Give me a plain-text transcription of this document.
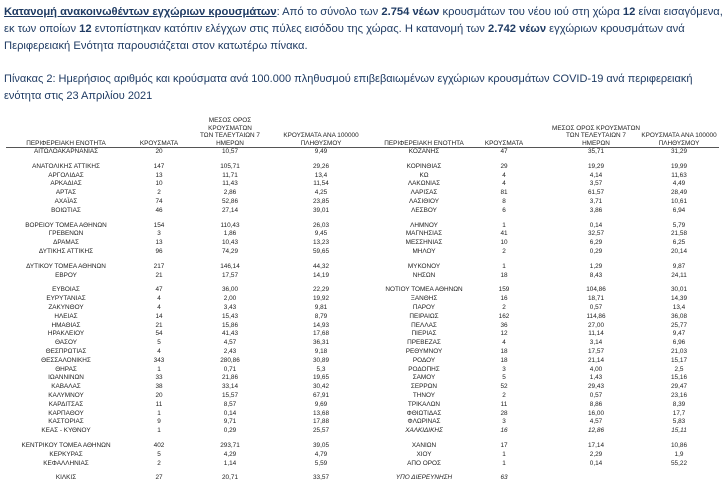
Κατανομή ανακοινωθέντων εγχώριων κρουσμάτων: Από το σύνολο των 2.754 νέων κρουσμάτων του νέου ιού στη χώρα 12 είναι εισαγόμενα,
εκ των οποίων 12 εντοπίστηκαν κατόπιν ελέγχων στις πύλες εισόδου της χώρας. Η κατανομή των 2.742 νέων εγχώριων κρουσμάτων ανά
Περιφερειακή Ενότητα παρουσιάζεται στον κατωτέρω πίνακα.
Πίνακας 2: Ημερήσιος αριθμός και κρούσματα ανά 100.000 πληθυσμού επιβεβαιωμένων εγχώριων κρουσμάτων COVID-19 ανά περιφερειακή
ενότητα στις 23 Απριλίου 2021
ΠΕΡΙΦΕΡΕΙΑΚΗ ΕΝΟΤΗΤΑ	ΚΡΟΥΣΜΑΤΑ
ΜΕΣΟΣ ΟΡΟΣ ΚΡΟΥΣΜΑΤΩΝ
ΤΩΝ ΤΕΛΕΥΤΑΙΩΝ 7
ΗΜΕΡΩΝ
ΚΡΟΥΣΜΑΤΑ ΑΝΑ 100000
ΠΛΗΘΥΣΜΟΥ
ΑΙΤΩΛΟΑΚΑΡΝΑΝΙΑΣ	20	10,57	9,49
ΑΝΑΤΟΛΙΚΗΣ ΑΤΤΙΚΗΣ	147	105,71	29,26
ΑΡΓΟΛΙΔΑΣ	13	11,71	13,4
ΑΡΚΑΔΙΑΣ	10	11,43	11,54
ΑΡΤΑΣ	2	2,86	4,25
ΑΧΑΪΑΣ	74	52,86	23,85
ΒΟΙΩΤΙΑΣ	46	27,14	39,01
ΒΟΡΕΙΟΥ ΤΟΜΕΑ ΑΘΗΝΩΝ	154	110,43	26,03
ΓΡΕΒΕΝΩΝ	3	1,86	9,45
ΔΡΑΜΑΣ	13	10,43	13,23
ΔΥΤΙΚΗΣ ΑΤΤΙΚΗΣ	96	74,29	59,65
ΔΥΤΙΚΟΥ ΤΟΜΕΑ ΑΘΗΝΩΝ	217	146,14	44,32
ΕΒΡΟΥ	21	17,57	14,19
ΕΥΒΟΙΑΣ	47	36,00	22,29
ΕΥΡΥΤΑΝΙΑΣ	4	2,00	19,92
ΖΑΚΥΝΘΟΥ	4	3,43	9,81
ΗΛΕΙΑΣ	14	15,43	8,79
ΗΜΑΘΙΑΣ	21	15,86	14,93
ΗΡΑΚΛΕΙΟΥ	54	41,43	17,68
ΘΑΣΟΥ	5	4,57	36,31
ΘΕΣΠΡΩΤΙΑΣ	4	2,43	9,18
ΘΕΣΣΑΛΟΝΙΚΗΣ	343	280,86	30,89
ΘΗΡΑΣ	1	0,71	5,3
ΙΩΑΝΝΙΝΩΝ	33	21,86	19,65
ΚΑΒΑΛΑΣ	38	33,14	30,42
ΚΑΛΥΜΝΟΥ	20	15,57	67,91
ΚΑΡΔΙΤΣΑΣ	11	8,57	9,69
ΚΑΡΠΑΘΟΥ	1	0,14	13,68
ΚΑΣΤΟΡΙΑΣ	9	9,71	17,88
ΚΕΑΣ - ΚΥΘΝΟΥ	1	0,29	25,57
ΚΕΝΤΡΙΚΟΥ ΤΟΜΕΑ ΑΘΗΝΩΝ	402	293,71	39,05
ΚΕΡΚΥΡΑΣ	5	4,29	4,79
ΚΕΦΑΛΛΗΝΙΑΣ	2	1,14	5,59
ΚΙΛΚΙΣ	27	20,71	33,57
ΠΕΡΙΦΕΡΕΙΑΚΗ ΕΝΟΤΗΤΑ	ΚΡΟΥΣΜΑΤΑ
ΜΕΣΟΣ ΟΡΟΣ ΚΡΟΥΣΜΑΤΩΝ
ΤΩΝ ΤΕΛΕΥΤΑΙΩΝ 7
ΗΜΕΡΩΝ
ΚΡΟΥΣΜΑΤΑ ΑΝΑ 100000
ΠΛΗΘΥΣΜΟΥ
ΚΟΖΑΝΗΣ	47	35,71	31,29
ΚΟΡΙΝΘΙΑΣ	29	19,29	19,99
ΚΩ	4	4,14	11,63
ΛΑΚΩΝΙΑΣ	4	3,57	4,49
ΛΑΡΙΣΑΣ	81	61,57	28,49
ΛΑΣΙΘΙΟΥ	8	3,71	10,61
ΛΕΣΒΟΥ	6	3,86	6,94
ΛΗΜΝΟΥ	1	0,14	5,79
ΜΑΓΝΗΣΙΑΣ	41	32,57	21,58
ΜΕΣΣΗΝΙΑΣ	10	6,29	6,25
ΜΗΛΟΥ	2	0,29	20,14
ΜΥΚΟΝΟΥ	1	1,29	9,87
ΝΗΣΩΝ	18	8,43	24,11
ΝΟΤΙΟΥ ΤΟΜΕΑ ΑΘΗΝΩΝ	159	104,86	30,01
ΞΑΝΘΗΣ	16	18,71	14,39
ΠΑΡΟΥ	2	0,57	13,4
ΠΕΙΡΑΙΩΣ	162	114,86	36,08
ΠΕΛΛΑΣ	36	27,00	25,77
ΠΙΕΡΙΑΣ	12	11,14	9,47
ΠΡΕΒΕΖΑΣ	4	3,14	6,96
ΡΕΘΥΜΝΟΥ	18	17,57	21,03
ΡΟΔΟΥ	18	21,14	15,17
ΡΟΔΟΠΗΣ	3	4,00	2,5
ΣΑΜΟΥ	5	1,43	15,16
ΣΕΡΡΩΝ	52	29,43	29,47
ΤΗΝΟΥ	2	0,57	23,16
ΤΡΙΚΑΛΩΝ	11	8,86	8,39
ΦΘΙΩΤΙΔΑΣ	28	16,00	17,7
ΦΛΩΡΙΝΑΣ	3	4,57	5,83
ΧΑΛΚΙΔΙΚΗΣ	16	12,86	15,11
ΧΑΝΙΩΝ	17	17,14	10,86
ΧΙΟΥ	1	2,29	1,9
ΑΠΟ ΟΡΟΣ	1	0,14	55,22
ΥΠΟ ΔΙΕΡΕΥΝΗΣΗ	63
